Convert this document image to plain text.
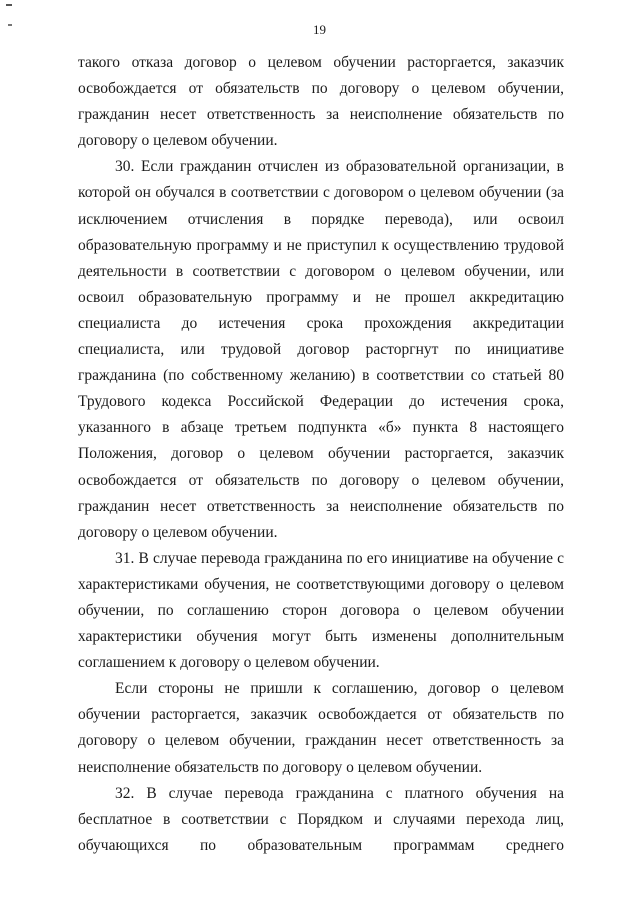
19

такого отказа договор о целевом обучении расторгается, заказчик освобождается от обязательств по договору о целевом обучении, гражданин несет ответственность за неисполнение обязательств по договору о целевом обучении.

30. Если гражданин отчислен из образовательной организации, в которой он обучался в соответствии с договором о целевом обучении (за исключением отчисления в порядке перевода), или освоил образовательную программу и не приступил к осуществлению трудовой деятельности в соответствии с договором о целевом обучении, или освоил образовательную программу и не прошел аккредитацию специалиста до истечения срока прохождения аккредитации специалиста, или трудовой договор расторгнут по инициативе гражданина (по собственному желанию) в соответствии со статьей 80 Трудового кодекса Российской Федерации до истечения срока, указанного в абзаце третьем подпункта «б» пункта 8 настоящего Положения, договор о целевом обучении расторгается, заказчик освобождается от обязательств по договору о целевом обучении, гражданин несет ответственность за неисполнение обязательств по договору о целевом обучении.

31. В случае перевода гражданина по его инициативе на обучение с характеристиками обучения, не соответствующими договору о целевом обучении, по соглашению сторон договора о целевом обучении характеристики обучения могут быть изменены дополнительным соглашением к договору о целевом обучении.

Если стороны не пришли к соглашению, договор о целевом обучении расторгается, заказчик освобождается от обязательств по договору о целевом обучении, гражданин несет ответственность за неисполнение обязательств по договору о целевом обучении.

32. В случае перевода гражданина с платного обучения на бесплатное в соответствии с Порядком и случаями перехода лиц, обучающихся по образовательным программам среднего
